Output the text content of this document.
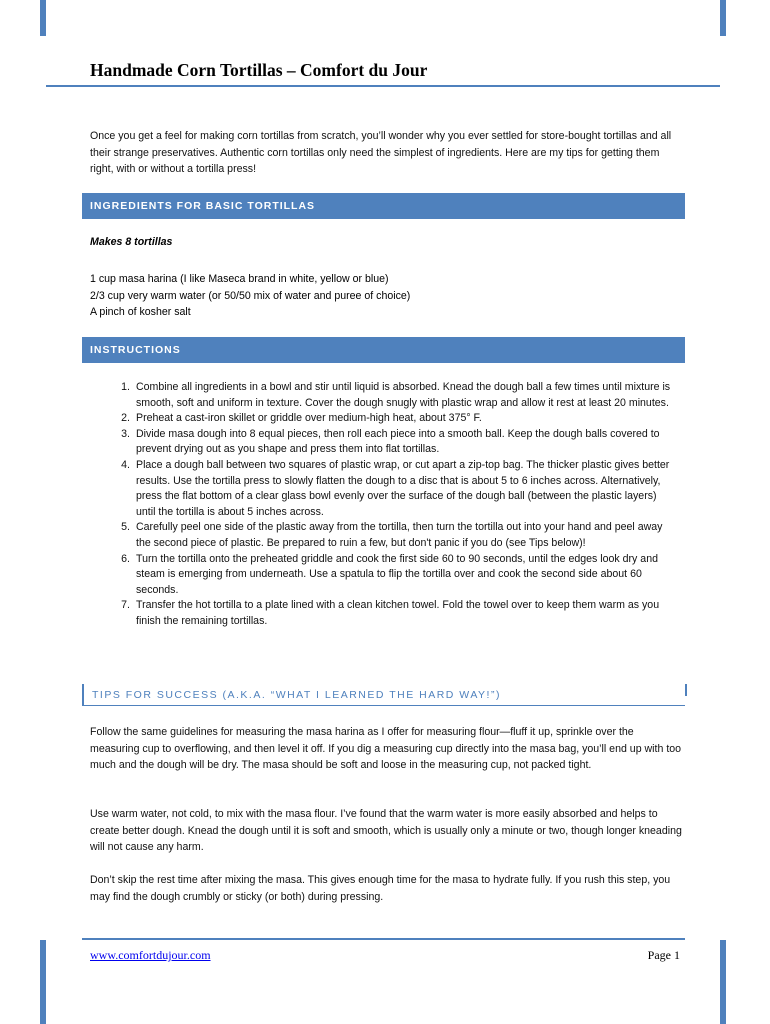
Handmade Corn Tortillas – Comfort du Jour
Once you get a feel for making corn tortillas from scratch, you’ll wonder why you ever settled for store-bought tortillas and all their strange preservatives. Authentic corn tortillas only need the simplest of ingredients. Here are my tips for getting them right, with or without a tortilla press!
INGREDIENTS FOR BASIC TORTILLAS
Makes 8 tortillas
1 cup masa harina (I like Maseca brand in white, yellow or blue)
2/3 cup very warm water (or 50/50 mix of water and puree of choice)
A pinch of kosher salt
INSTRUCTIONS
1. Combine all ingredients in a bowl and stir until liquid is absorbed. Knead the dough ball a few times until mixture is smooth, soft and uniform in texture. Cover the dough snugly with plastic wrap and allow it rest at least 20 minutes.
2. Preheat a cast-iron skillet or griddle over medium-high heat, about 375° F.
3. Divide masa dough into 8 equal pieces, then roll each piece into a smooth ball. Keep the dough balls covered to prevent drying out as you shape and press them into flat tortillas.
4. Place a dough ball between two squares of plastic wrap, or cut apart a zip-top bag. The thicker plastic gives better results. Use the tortilla press to slowly flatten the dough to a disc that is about 5 to 6 inches across. Alternatively, press the flat bottom of a clear glass bowl evenly over the surface of the dough ball (between the plastic layers) until the tortilla is about 5 inches across.
5. Carefully peel one side of the plastic away from the tortilla, then turn the tortilla out into your hand and peel away the second piece of plastic. Be prepared to ruin a few, but don't panic if you do (see Tips below)!
6. Turn the tortilla onto the preheated griddle and cook the first side 60 to 90 seconds, until the edges look dry and steam is emerging from underneath. Use a spatula to flip the tortilla over and cook the second side about 60 seconds.
7. Transfer the hot tortilla to a plate lined with a clean kitchen towel. Fold the towel over to keep them warm as you finish the remaining tortillas.
TIPS FOR SUCCESS (A.K.A. “WHAT I LEARNED THE HARD WAY!”)
Follow the same guidelines for measuring the masa harina as I offer for measuring flour—fluff it up, sprinkle over the measuring cup to overflowing, and then level it off. If you dig a measuring cup directly into the masa bag, you’ll end up with too much and the dough will be dry. The masa should be soft and loose in the measuring cup, not packed tight.
Use warm water, not cold, to mix with the masa flour. I’ve found that the warm water is more easily absorbed and helps to create better dough. Knead the dough until it is soft and smooth, which is usually only a minute or two, though longer kneading will not cause any harm.
Don’t skip the rest time after mixing the masa. This gives enough time for the masa to hydrate fully. If you rush this step, you may find the dough crumbly or sticky (or both) during pressing.
www.comfortdujour.com	Page 1
